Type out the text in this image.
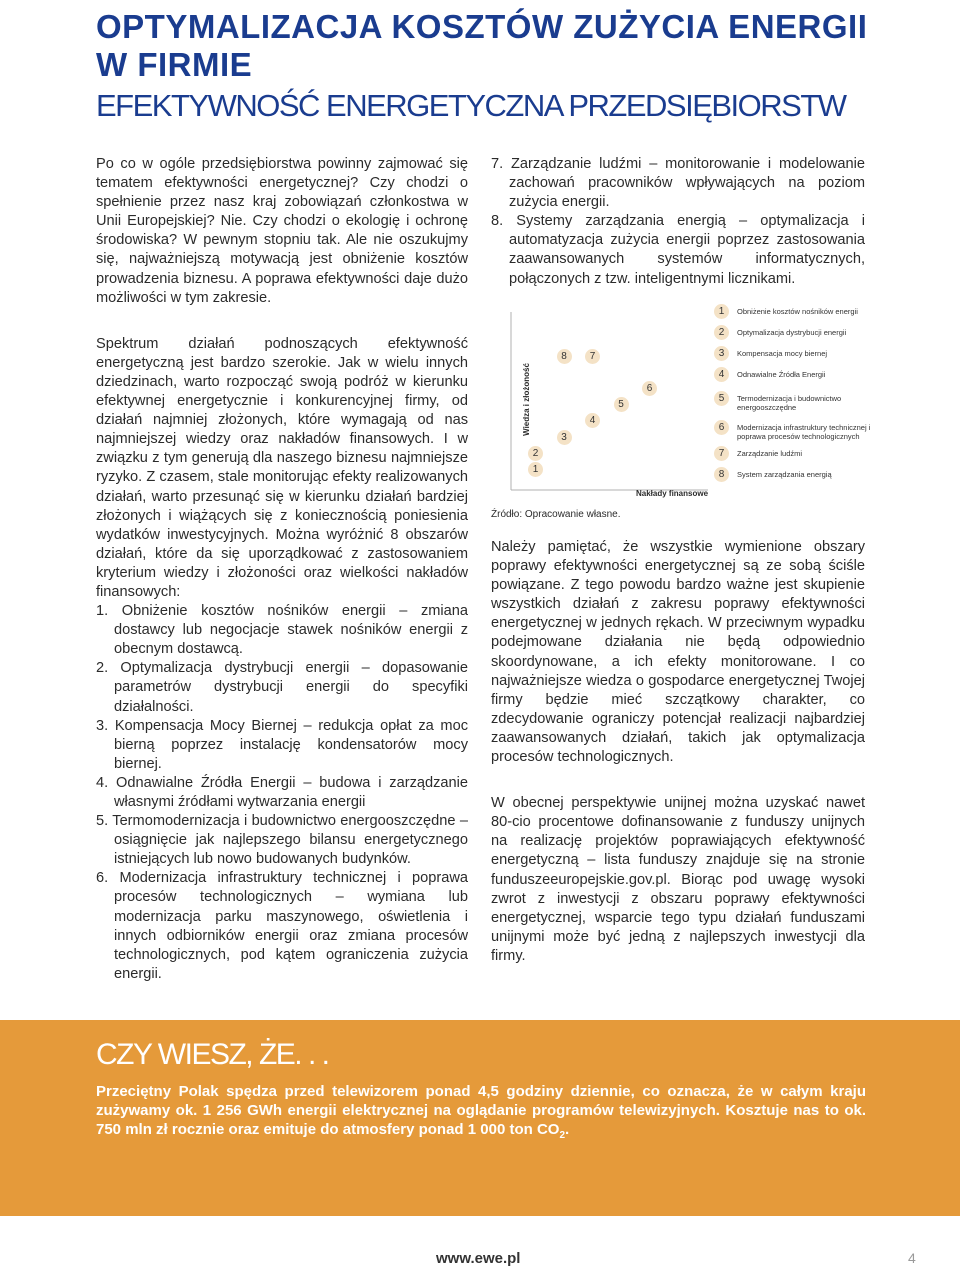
OPTYMALIZACJA KOSZTÓW ZUŻYCIA ENERGII
W FIRMIE
EFEKTYWNOŚĆ ENERGETYCZNA PRZEDSIĘBIORSTW

Po co w ogóle przedsiębiorstwa powinny zajmować się tematem efektywności energetycznej? Czy chodzi o spełnienie przez nasz kraj zobowiązań członkostwa w Unii Europejskiej? Nie. Czy chodzi o ekologię i ochronę środowiska? W pewnym stopniu tak. Ale nie oszukujmy się, najważniejszą motywacją jest obniżenie kosztów prowadzenia biznesu. A poprawa efektywności daje dużo możliwości w tym zakresie.

Spektrum działań podnoszących efektywność energetyczną jest bardzo szerokie. Jak w wielu innych dziedzinach, warto rozpocząć swoją podróż w kierunku efektywnej energetycznie i konkurencyjnej firmy, od działań najmniej złożonych, które wymagają od nas najmniejszej wiedzy oraz nakładów finansowych. I w związku z tym generują dla naszego biznesu najmniejsze ryzyko. Z czasem, stale monitorując efekty realizowanych działań, warto przesunąć się w kierunku działań bardziej złożonych i wiążących się z koniecznością poniesienia wydatków inwestycyjnych. Można wyróżnić 8 obszarów działań, które da się uporządkować z zastosowaniem kryterium wiedzy i złożoności oraz wielkości nakładów finansowych:

1. Obniżenie kosztów nośników energii – zmiana dostawcy lub negocjacje stawek nośników energii z obecnym dostawcą.

2. Optymalizacja dystrybucji energii – dopasowanie parametrów dystrybucji energii do specyfiki działalności.

3. Kompensacja Mocy Biernej – redukcja opłat za moc bierną poprzez instalację kondensatorów mocy biernej.

4. Odnawialne Źródła Energii – budowa i zarządzanie własnymi źródłami wytwarzania energii

5. Termomodernizacja i budownictwo energooszczędne – osiągnięcie jak najlepszego bilansu energetycznego istniejących lub nowo budowanych budynków.

6. Modernizacja infrastruktury technicznej i poprawa procesów technologicznych – wymiana lub modernizacja parku maszynowego, oświetlenia i innych odbiorników energii oraz zmiana procesów technologicznych, pod kątem ograniczenia zużycia energii.

7. Zarządzanie ludźmi – monitorowanie i modelowanie zachowań pracowników wpływających na poziom zużycia energii.

8. Systemy zarządzania energią – optymalizacja i automatyzacja zużycia energii poprzez zastosowania zaawansowanych systemów informatycznych, połączonych z tzw. inteligentnymi licznikami.

Wiedza i złożoność
Nakłady finansowe
Źródło: Opracowanie własne.
1
2
3
4
5
6
7
8
1	Obniżenie kosztów nośników energii
2	Optymalizacja dystrybucji energii
3	Kompensacja mocy biernej
4	Odnawialne Źródła Energii
5	Termodernizacja i budownictwo energooszczędne
6	Modernizacja infrastruktury technicznej i poprawa procesów technologicznych
7	Zarządzanie ludźmi
8	System zarządzania energią

Należy pamiętać, że wszystkie wymienione obszary poprawy efektywności energetycznej są ze sobą ściśle powiązane. Z tego powodu bardzo ważne jest skupienie wszystkich działań z zakresu poprawy efektywności energetycznej w jednych rękach. W przeciwnym wypadku podejmowane działania nie będą odpowiednio skoordynowane, a ich efekty monitorowane. I co najważniejsze wiedza o gospodarce energetycznej Twojej firmy będzie mieć szczątkowy charakter, co zdecydowanie ograniczy potencjał realizacji najbardziej zaawansowanych działań, takich jak optymalizacja procesów technologicznych.

W obecnej perspektywie unijnej można uzyskać nawet 80-cio procentowe dofinansowanie z funduszy unijnych na realizację projektów poprawiających efektywność energetyczną – lista funduszy znajduje się na stronie funduszeeuropejskie.gov.pl. Biorąc pod uwagę wysoki zwrot z inwestycji z obszaru poprawy efektywności energetycznej, wsparcie tego typu działań funduszami unijnymi może być jedną z najlepszych inwestycji dla firmy.

CZY WIESZ, ŻE. . .
Przeciętny Polak spędza przed telewizorem ponad 4,5 godziny dziennie, co oznacza, że w całym kraju zużywamy ok. 1 256 GWh energii elektrycznej na oglądanie programów telewizyjnych. Kosztuje nas to ok. 750 mln zł rocznie oraz emituje do atmosfery ponad 1 000 ton $CO_2$.
www.ewe.pl	4
